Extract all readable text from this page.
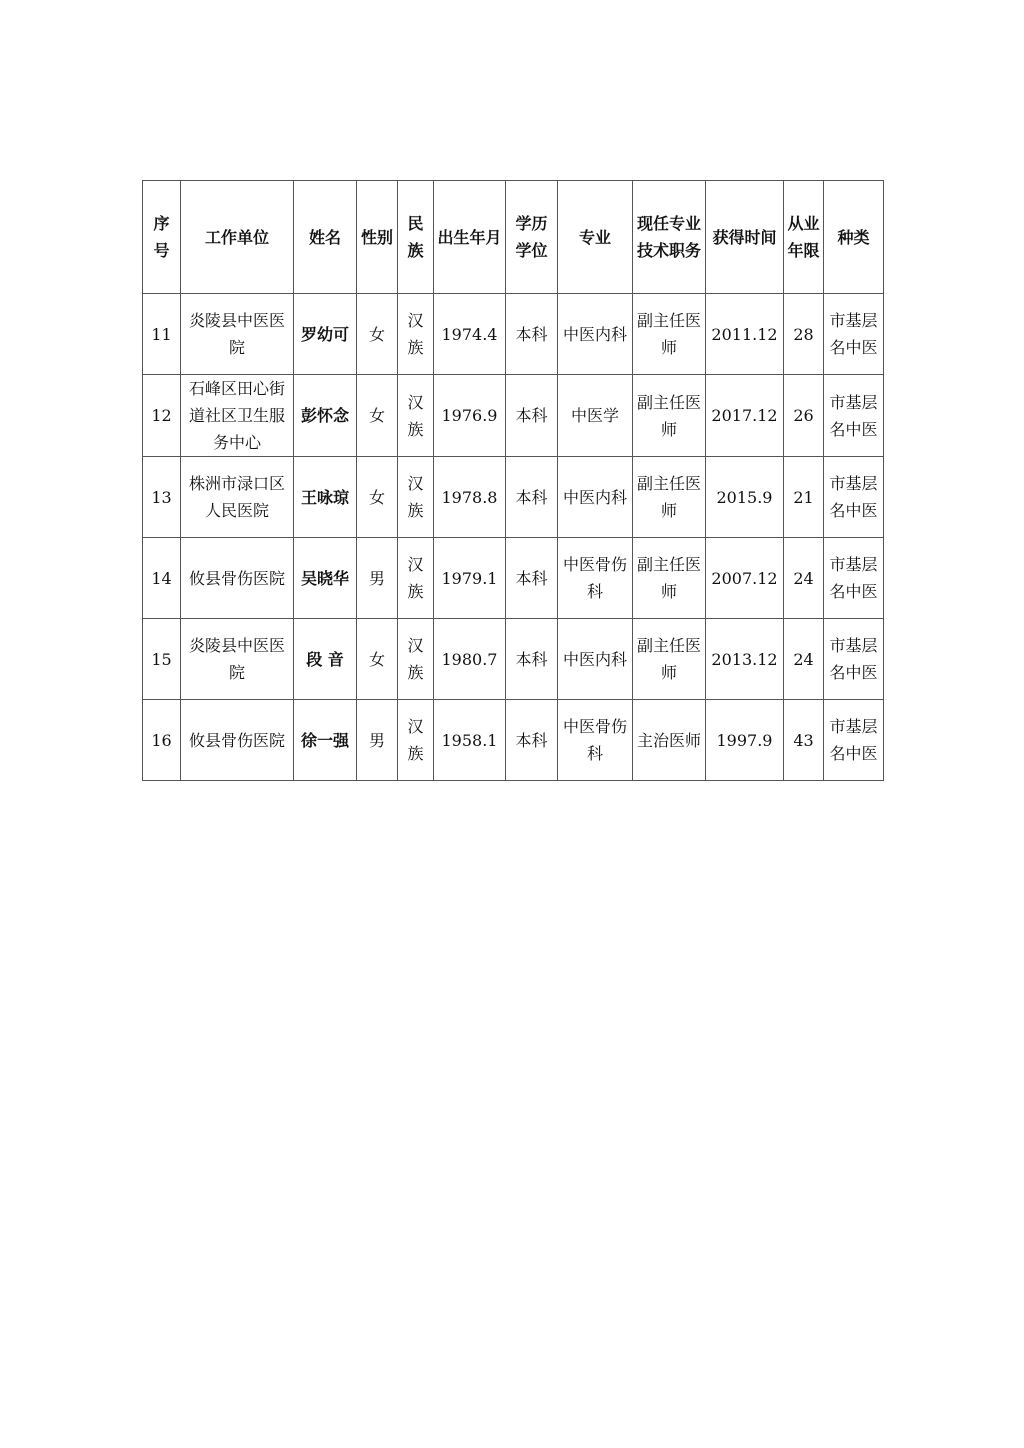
序号	工作单位	姓名	性别	民族	出生年月	学历学位	专业	现任专业技术职务	获得时间	从业年限	种类
11	炎陵县中医医院	罗幼可	女	汉族	1974.4	本科	中医内科	副主任医师	2011.12	28	市基层名中医
12	石峰区田心街道社区卫生服务中心	彭怀念	女	汉族	1976.9	本科	中医学	副主任医师	2017.12	26	市基层名中医
13	株洲市渌口区人民医院	王咏琼	女	汉族	1978.8	本科	中医内科	副主任医师	2015.9	21	市基层名中医
14	攸县骨伤医院	吴晓华	男	汉族	1979.1	本科	中医骨伤科	副主任医师	2007.12	24	市基层名中医
15	炎陵县中医医院	段 音	女	汉族	1980.7	本科	中医内科	副主任医师	2013.12	24	市基层名中医
16	攸县骨伤医院	徐一强	男	汉族	1958.1	本科	中医骨伤科	主治医师	1997.9	43	市基层名中医
